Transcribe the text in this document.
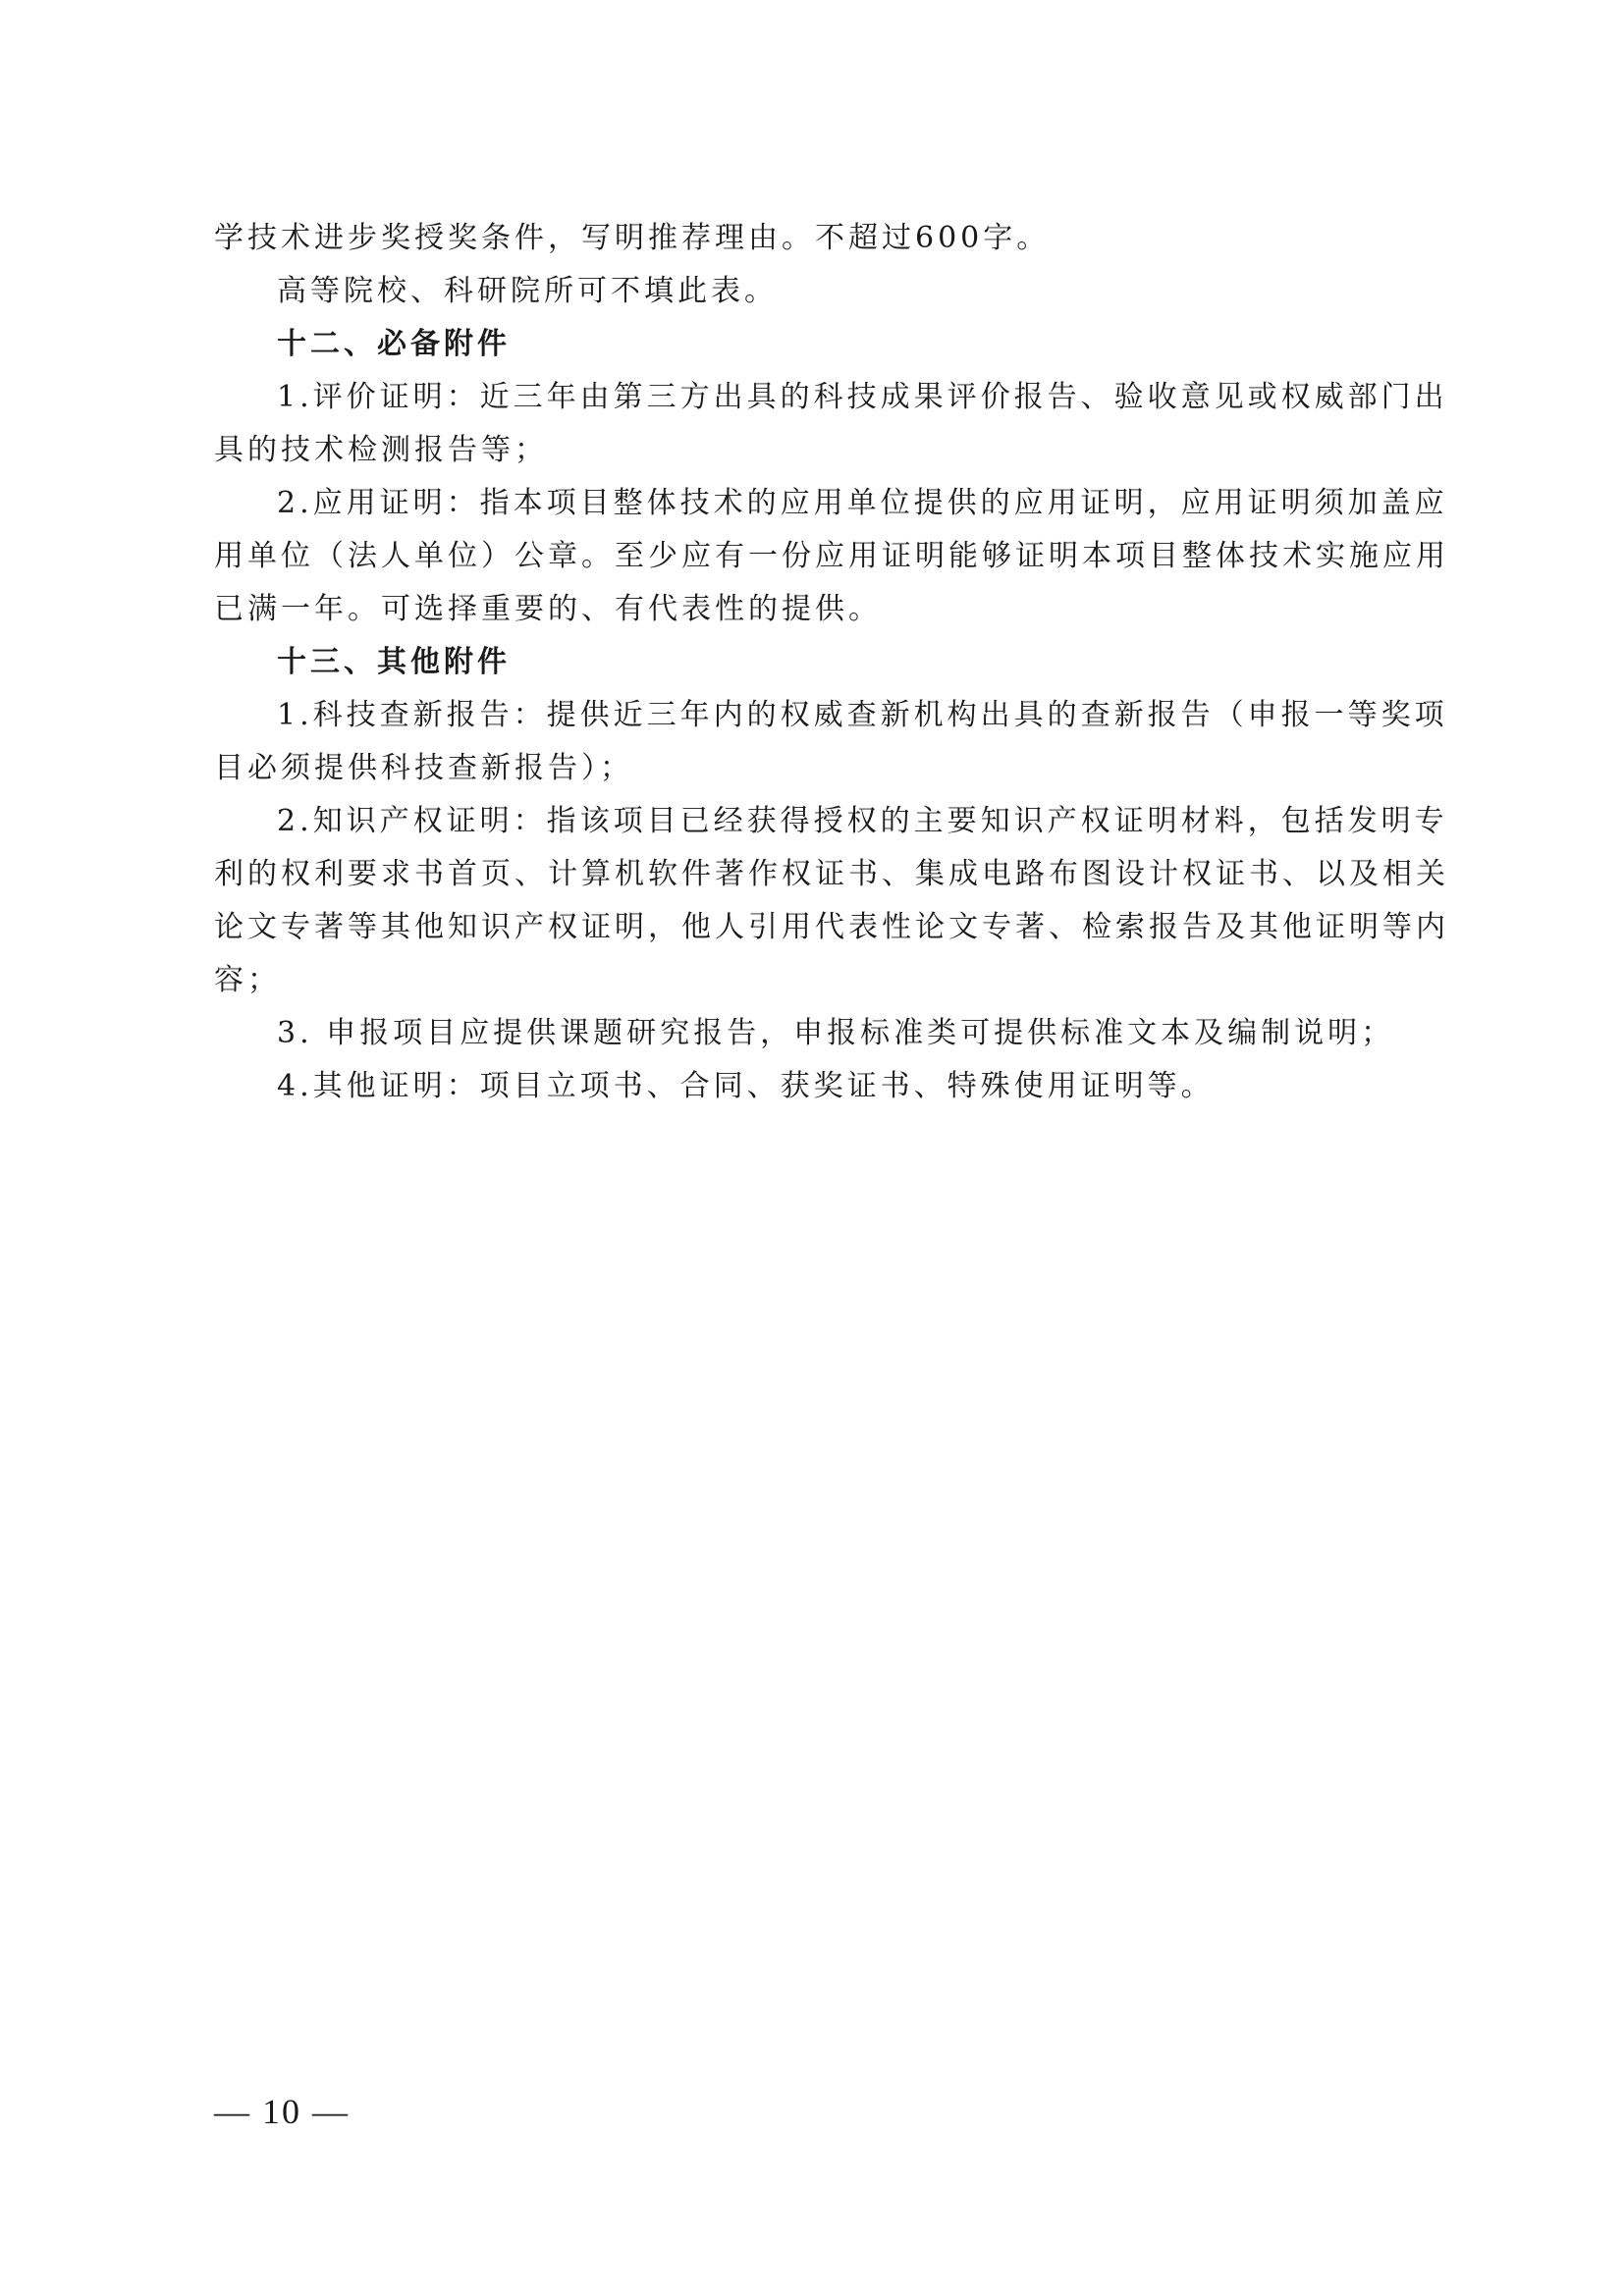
学技术进步奖授奖条件，写明推荐理由。不超过600字。

高等院校、科研院所可不填此表。

十二、必备附件

1.评价证明：近三年由第三方出具的科技成果评价报告、验收意见或权威部门出

具的技术检测报告等；

2.应用证明：指本项目整体技术的应用单位提供的应用证明，应用证明须加盖应

用单位（法人单位）公章。至少应有一份应用证明能够证明本项目整体技术实施应用

已满一年。可选择重要的、有代表性的提供。

十三、其他附件

1.科技查新报告：提供近三年内的权威查新机构出具的查新报告（申报一等奖项

目必须提供科技查新报告）；

2.知识产权证明：指该项目已经获得授权的主要知识产权证明材料，包括发明专

利的权利要求书首页、计算机软件著作权证书、集成电路布图设计权证书、以及相关

论文专著等其他知识产权证明，他人引用代表性论文专著、检索报告及其他证明等内

容；

3. 申报项目应提供课题研究报告，申报标准类可提供标准文本及编制说明；

4.其他证明：项目立项书、合同、获奖证书、特殊使用证明等。

— 10 —
